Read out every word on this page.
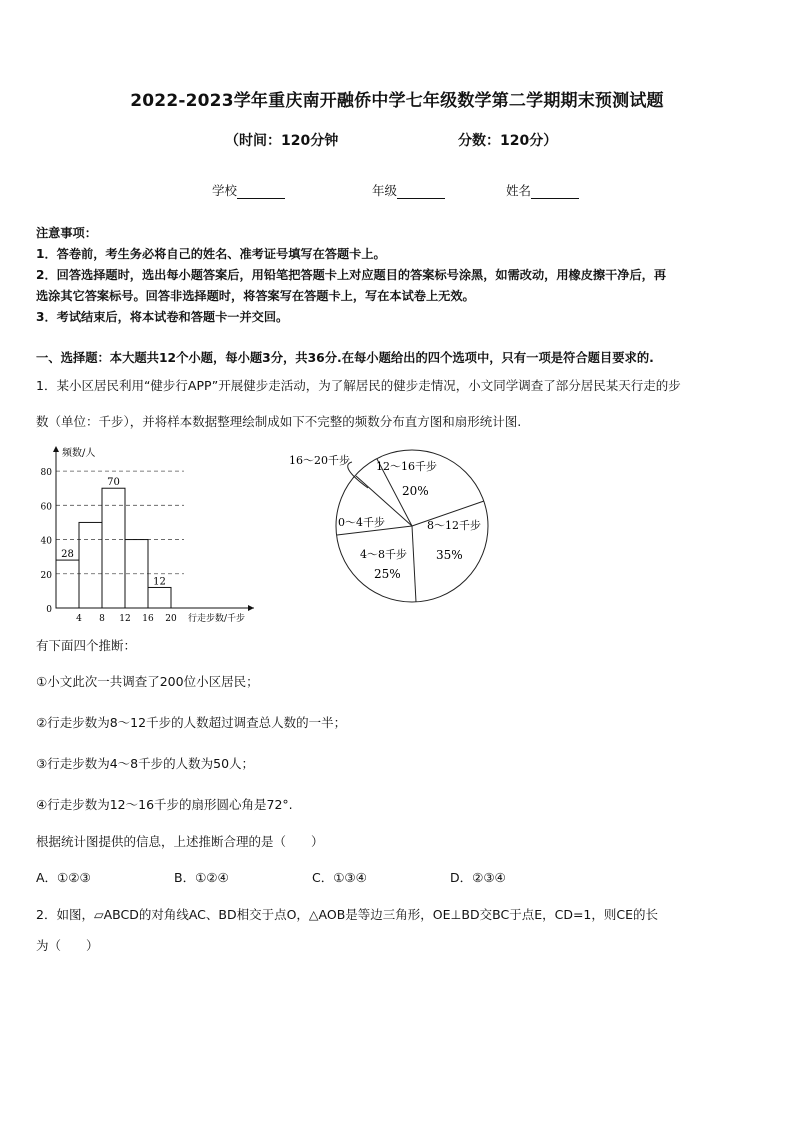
2022-2023学年重庆南开融侨中学七年级数学第二学期期末预测试题
（时间：120分钟	分数：120分）
学校	年级	姓名
注意事项：
1．答卷前，考生务必将自己的姓名、准考证号填写在答题卡上。
2．回答选择题时，选出每小题答案后，用铅笔把答题卡上对应题目的答案标号涂黑，如需改动，用橡皮擦干净后，再
选涂其它答案标号。回答非选择题时，将答案写在答题卡上，写在本试卷上无效。
3．考试结束后，将本试卷和答题卡一并交回。
一、选择题：本大题共12个小题，每小题3分，共36分.在每小题给出的四个选项中，只有一项是符合题目要求的.
1．某小区居民利用“健步行APP”开展健步走活动，为了解居民的健步走情况，小文同学调查了部分居民某天行走的步
数（单位：千步），并将样本数据整理绘制成如下不完整的频数分布直方图和扇形统计图.
0
20
40
60
80
28
70
12
4 8 12 16 20
频数/人
行走步数/千步
16～20千步 12～16千步
20%
8～12千步
35%
0～4千步
4～8千步
25%
有下面四个推断：
①小文此次一共调查了200位小区居民；
②行走步数为8～12千步的人数超过调查总人数的一半；
③行走步数为4～8千步的人数为50人；
④行走步数为12～16千步的扇形圆心角是72°.
根据统计图提供的信息，上述推断合理的是（　　）
A．①②③	B．①②④	C．①③④	D．②③④
2．如图，▱ABCD的对角线AC、BD相交于点O，△AOB是等边三角形，OE⊥BD交BC于点E，CD=1，则CE的长
为（　　）
